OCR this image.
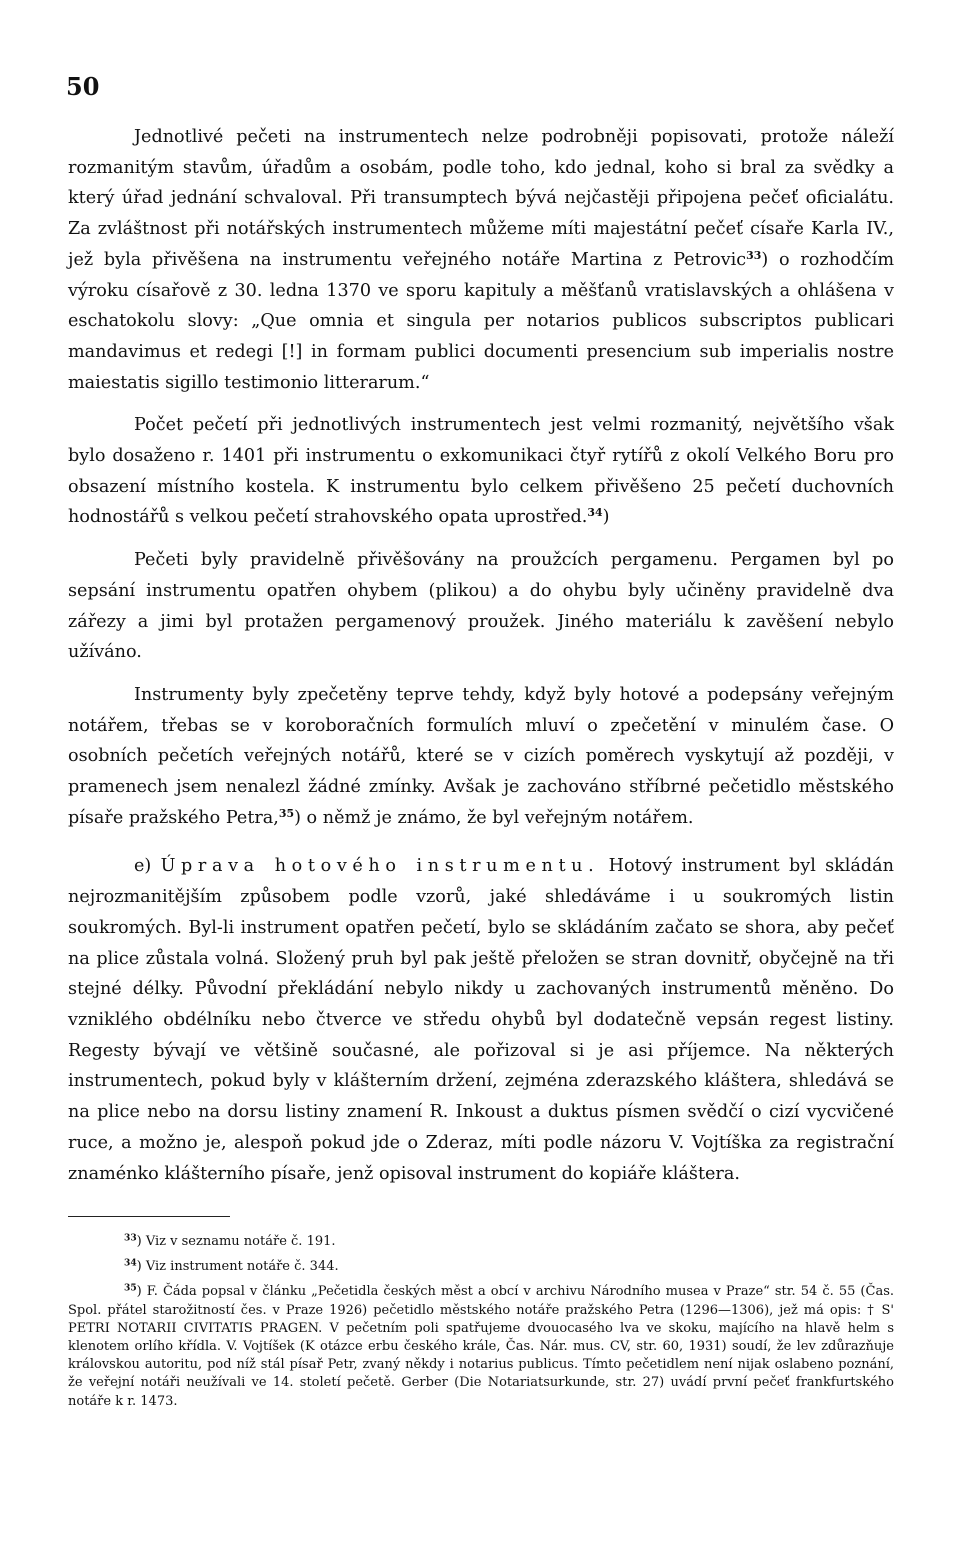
50

Jednotlivé pečeti na instrumentech nelze podrobněji popisovati, protože náleží rozmanitým stavům, úřadům a osobám, podle toho, kdo jednal, koho si bral za svědky a který úřad jednání schvaloval. Při transumptech bývá nejčastěji připojena pečeť oficialátu. Za zvláštnost při notářských instrumentech můžeme míti majestátní pečeť císaře Karla IV., jež byla přivěšena na instrumentu veřejného notáře Martina z Petrovic$^{33}$) o rozhodčím výroku císařově z 30. ledna 1370 ve sporu kapituly a měšťanů vratislavských a ohlášena v eschatokolu slovy: „Que omnia et singula per notarios publicos subscriptos publicari mandavimus et redegi [!] in formam publici documenti presencium sub imperialis nostre maiestatis sigillo testimonio litterarum.“

Počet pečetí při jednotlivých instrumentech jest velmi rozmanitý, největšího však bylo dosaženo r. 1401 při instrumentu o exkomunikaci čtyř rytířů z okolí Velkého Boru pro obsazení místního kostela. K instrumentu bylo celkem přivěšeno 25 pečetí duchovních hodnostářů s velkou pečetí strahovského opata uprostřed.$^{34}$)

Pečeti byly pravidelně přivěšovány na proužcích pergamenu. Pergamen byl po sepsání instrumentu opatřen ohybem (plikou) a do ohybu byly učiněny pravidelně dva zářezy a jimi byl protažen pergamenový proužek. Jiného materiálu k zavěšení nebylo užíváno.

Instrumenty byly zpečetěny teprve tehdy, když byly hotové a podepsány veřejným notářem, třebas se v koroboračních formulích mluví o zpečetění v minulém čase. O osobních pečetích veřejných notářů, které se v cizích poměrech vyskytují až později, v pramenech jsem nenalezl žádné zmínky. Avšak je zachováno stříbrné pečetidlo městského písaře pražského Petra,$^{35}$) o němž je známo, že byl veřejným notářem.

e) Úprava hotového instrumentu. Hotový instrument byl skládán nejrozmanitějším způsobem podle vzorů, jaké shledáváme i u soukromých listin soukromých. Byl-li instrument opatřen pečetí, bylo se skládáním začato se shora, aby pečeť na plice zůstala volná. Složený pruh byl pak ještě přeložen se stran dovnitř, obyčejně na tři stejné délky. Původní překládání nebylo nikdy u zachovaných instrumentů měněno. Do vzniklého obdélníku nebo čtverce ve středu ohybů byl dodatečně vepsán regest listiny. Regesty bývají ve většině současné, ale pořizoval si je asi příjemce. Na některých instrumentech, pokud byly v klášterním držení, zejména zderazského kláštera, shledává se na plice nebo na dorsu listiny znamení R. Inkoust a duktus písmen svědčí o cizí vycvičené ruce, a možno je, alespoň pokud jde o Zderaz, míti podle názoru V. Vojtíška za registrační znaménko klášterního písaře, jenž opisoval instrument do kopiáře kláštera.

$^{33}$) Viz v seznamu notáře č. 191.

$^{34}$) Viz instrument notáře č. 344.

$^{35}$) F. Čáda popsal v článku „Pečetidla českých měst a obcí v archivu Národního musea v Praze“ str. 54 č. 55 (Čas. Spol. přátel starožitností čes. v Praze 1926) pečetidlo městského notáře pražského Petra (1296—1306), jež má opis: † S' PETRI NOTARII CIVITATIS PRAGEN. V pečetním poli spatřujeme dvouocasého lva ve skoku, majícího na hlavě helm s klenotem orlího křídla. V. Vojtíšek (K otázce erbu českého krále, Čas. Nár. mus. CV, str. 60, 1931) soudí, že lev zdůrazňuje královskou autoritu, pod níž stál písař Petr, zvaný někdy i notarius publicus. Tímto pečetidlem není nijak oslabeno poznání, že veřejní notáři neužívali ve 14. století pečetě. Gerber (Die Notariatsurkunde, str. 27) uvádí první pečeť frankfurtského notáře k r. 1473.
